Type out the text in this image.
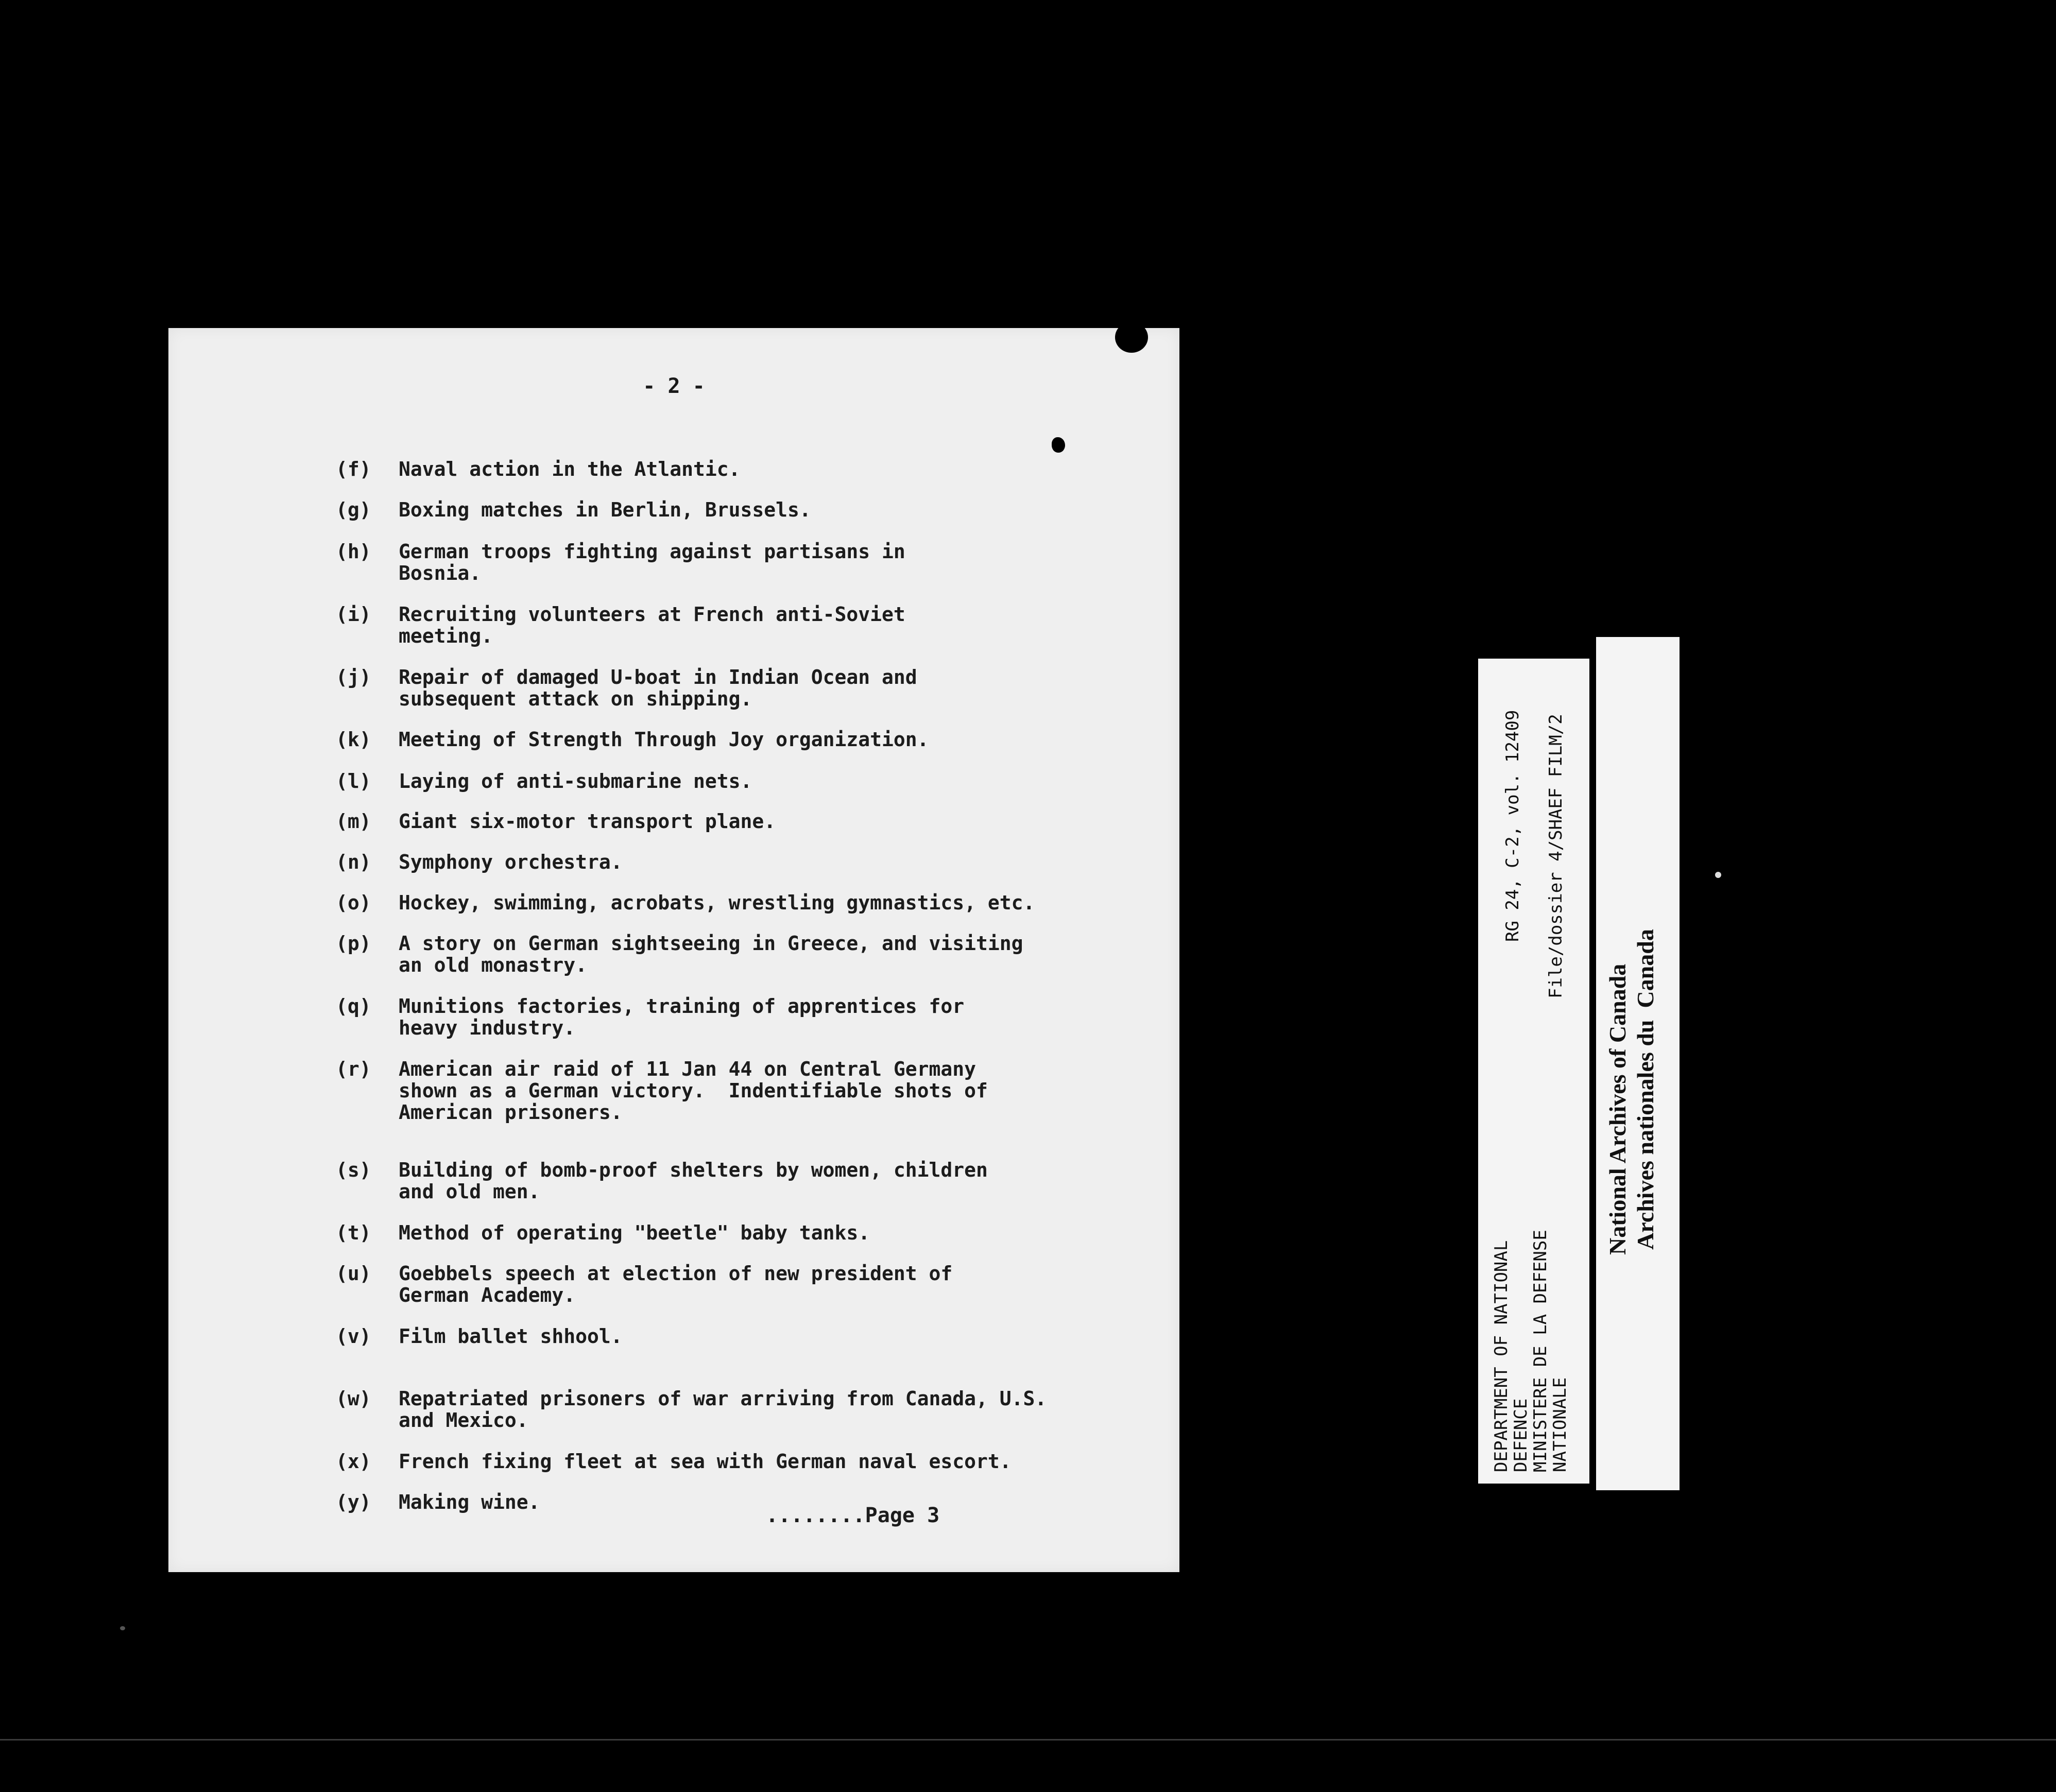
- 2 -
(f)	Naval action in the Atlantic.
(g)	Boxing matches in Berlin, Brussels.
(h)	German troops fighting against partisans in
Bosnia.
(i)	Recruiting volunteers at French anti-Soviet
meeting.
(j)	Repair of damaged U-boat in Indian Ocean and
subsequent attack on shipping.
(k)	Meeting of Strength Through Joy organization.
(l)	Laying of anti-submarine nets.
(m)	Giant six-motor transport plane.
(n)	Symphony orchestra.
(o)	Hockey, swimming, acrobats, wrestling gymnastics, etc.
(p)	A story on German sightseeing in Greece, and visiting
an old monastry.
(q)	Munitions factories, training of apprentices for
heavy industry.
(r)	American air raid of 11 Jan 44 on Central Germany
shown as a German victory.  Indentifiable shots of
American prisoners.
(s)	Building of bomb-proof shelters by women, children
and old men.
(t)	Method of operating "beetle" baby tanks.
(u)	Goebbels speech at election of new president of
German Academy.
(v)	Film ballet shhool.
(w)	Repatriated prisoners of war arriving from Canada, U.S.
and Mexico.
(x)	French fixing fleet at sea with German naval escort.
(y)	Making wine.
........Page 3
DEPARTMENT OF NATIONAL
DEFENCE
MINISTERE DE LA DEFENSE
NATIONALE
RG 24, C-2, vol. 12409 File/dossier 4/SHAEF FILM/2
National Archives of Canada Archives nationales du  Canada
